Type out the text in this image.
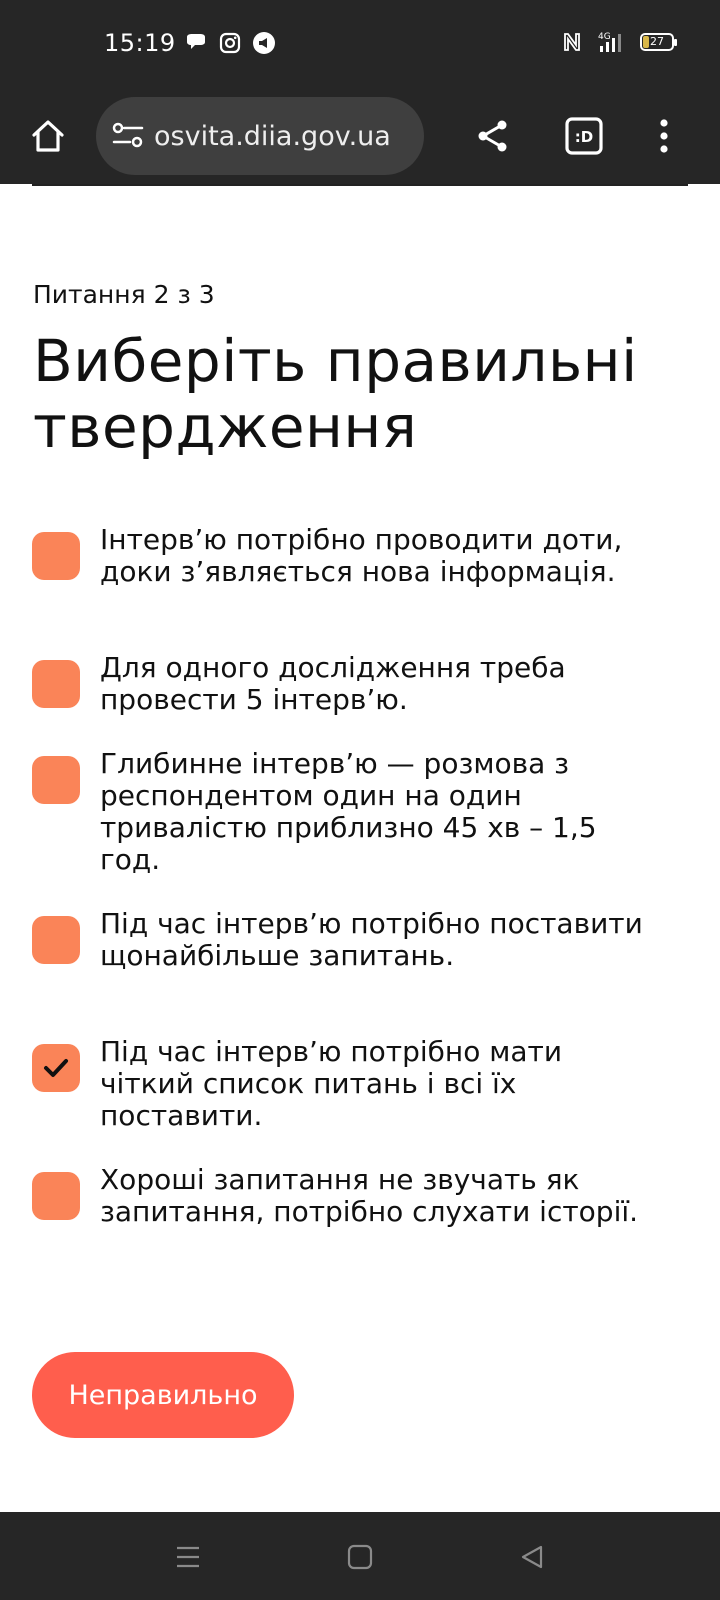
15:19	4G	27
osvita.diia.gov.ua	:D
Питання 2 з 3
Виберіть правильні твердження
Інтерв’ю потрібно проводити доти, доки з’являється нова інформація.
Для одного дослідження треба провести 5 інтерв’ю.
Глибинне інтерв’ю — розмова з респондентом один на один тривалістю приблизно 45 хв – 1,5 год.
Під час інтерв’ю потрібно поставити щонайбільше запитань.
Під час інтерв’ю потрібно мати чіткий список питань і всі їх поставити.
Хороші запитання не звучать як запитання, потрібно слухати історії.
Неправильно
